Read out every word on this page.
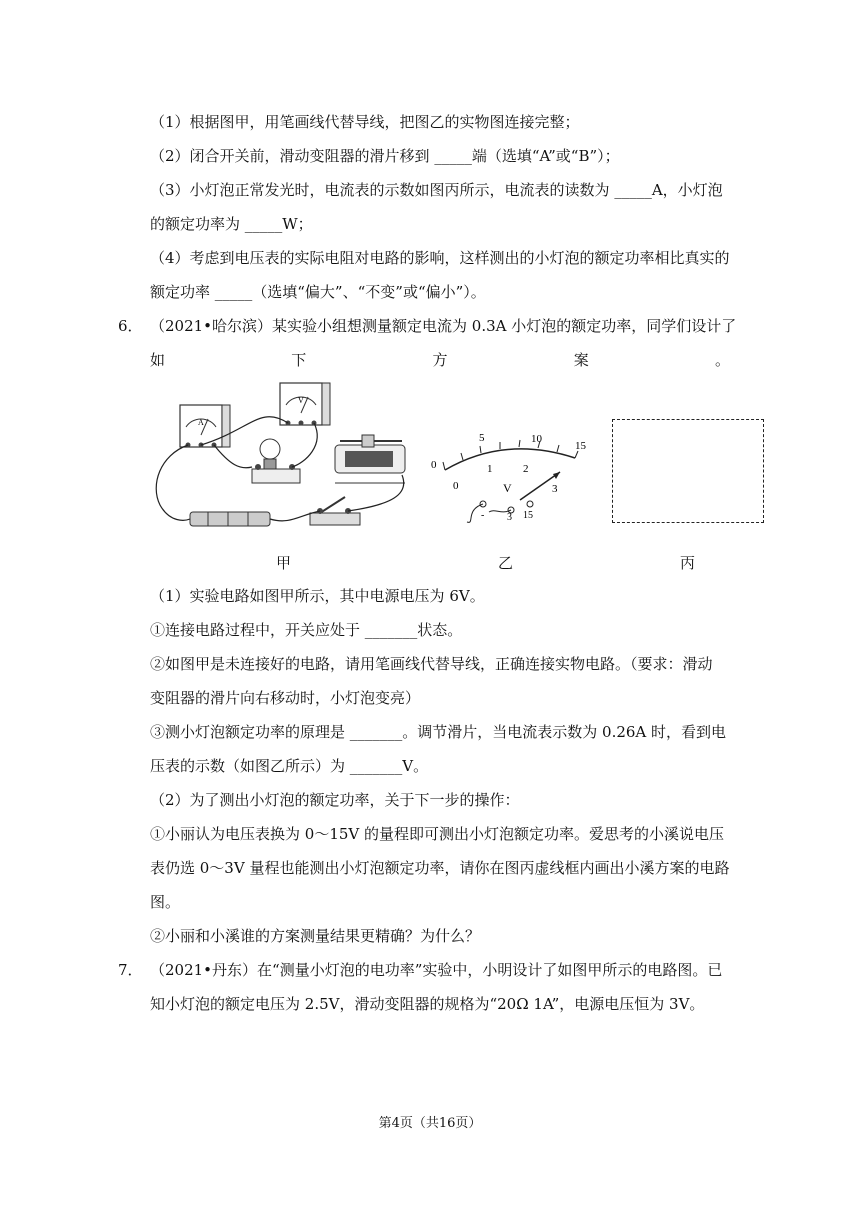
（1）根据图甲，用笔画线代替导线，把图乙的实物图连接完整；
（2）闭合开关前，滑动变阻器的滑片移到 _____端（选填“A”或“B”）；
（3）小灯泡正常发光时，电流表的示数如图丙所示，电流表的读数为 _____A，小灯泡
的额定功率为 _____W；
（4）考虑到电压表的实际电阻对电路的影响，这样测出的小灯泡的额定功率相比真实的
额定功率 _____（选填“偏大”、“不变”或“偏小”）。
6． （2021•哈尔滨）某实验小组想测量额定电流为 0.3A 小灯泡的额定功率，同学们设计了
如	下	方	案	。
A
V
0
5	10
15
0
1	2
3
V
- 3 15
甲	乙	丙
（1）实验电路如图甲所示，其中电源电压为 6V。
①连接电路过程中，开关应处于 _______状态。
②如图甲是未连接好的电路，请用笔画线代替导线，正确连接实物电路。（要求：滑动
变阻器的滑片向右移动时，小灯泡变亮）
③测小灯泡额定功率的原理是 _______。调节滑片，当电流表示数为 0.26A 时，看到电
压表的示数（如图乙所示）为 _______V。
（2）为了测出小灯泡的额定功率，关于下一步的操作：
①小丽认为电压表换为 0～15V 的量程即可测出小灯泡额定功率。爱思考的小溪说电压
表仍选 0～3V 量程也能测出小灯泡额定功率，请你在图丙虚线框内画出小溪方案的电路
图。
②小丽和小溪谁的方案测量结果更精确？为什么？
7． （2021•丹东）在“测量小灯泡的电功率”实验中，小明设计了如图甲所示的电路图。已
知小灯泡的额定电压为 2.5V，滑动变阻器的规格为“20Ω 1A”，电源电压恒为 3V。
第4页（共16页）
